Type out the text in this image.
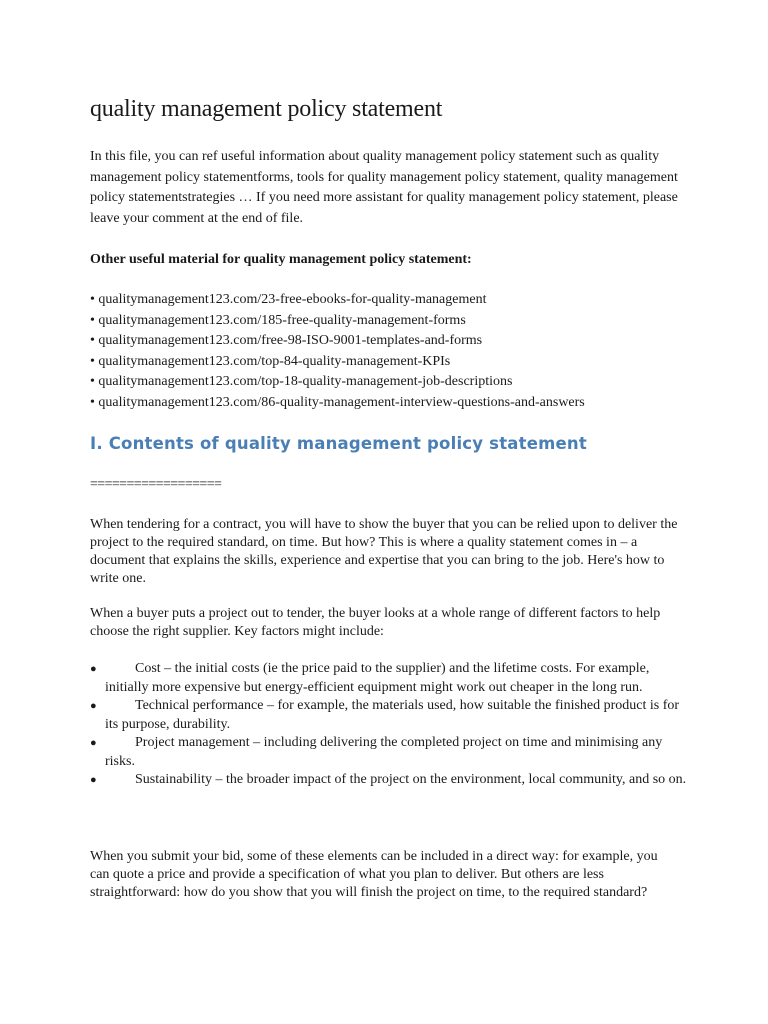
quality management policy statement

In this file, you can ref useful information about quality management policy statement such as quality management policy statementforms, tools for quality management policy statement, quality management policy statementstrategies … If you need more assistant for quality management policy statement, please leave your comment at the end of file.

Other useful material for quality management policy statement:

• qualitymanagement123.com/23-free-ebooks-for-quality-management
• qualitymanagement123.com/185-free-quality-management-forms
• qualitymanagement123.com/free-98-ISO-9001-templates-and-forms
• qualitymanagement123.com/top-84-quality-management-KPIs
• qualitymanagement123.com/top-18-quality-management-job-descriptions
• qualitymanagement123.com/86-quality-management-interview-questions-and-answers
I. Contents of quality management policy statement

==================

When tendering for a contract, you will have to show the buyer that you can be relied upon to deliver the project to the required standard, on time. But how? This is where a quality statement comes in – a document that explains the skills, experience and expertise that you can bring to the job. Here's how to write one.

When a buyer puts a project out to tender, the buyer looks at a whole range of different factors to help choose the right supplier. Key factors might include:

●	Cost – the initial costs (ie the price paid to the supplier) and the lifetime costs. For example, initially more expensive but energy-efficient equipment might work out cheaper in the long run.
●	Technical performance – for example, the materials used, how suitable the finished product is for its purpose, durability.
●	Project management – including delivering the completed project on time and minimising any risks.
●	Sustainability – the broader impact of the project on the environment, local community, and so on.

When you submit your bid, some of these elements can be included in a direct way: for example, you can quote a price and provide a specification of what you plan to deliver. But others are less straightforward: how do you show that you will finish the project on time, to the required standard?
